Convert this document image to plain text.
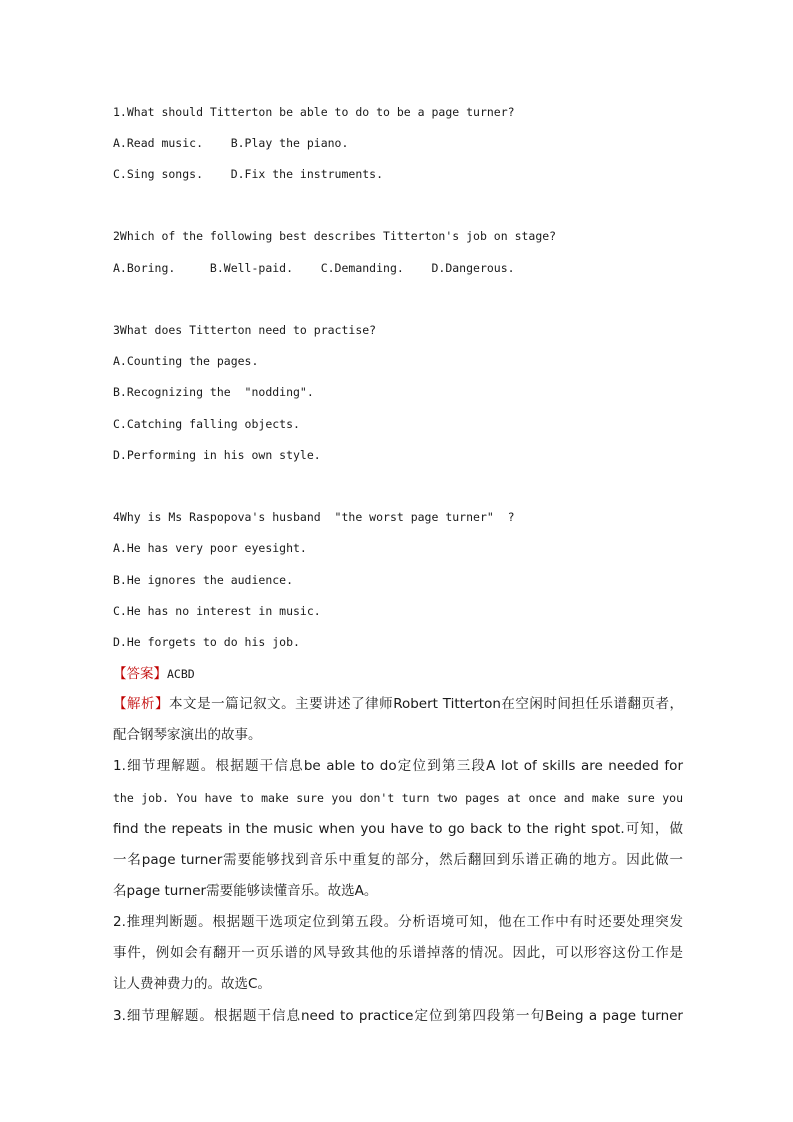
1.What should Titterton be able to do to be a page turner?

A.Read music.    B.Play the piano.

C.Sing songs.    D.Fix the instruments.

2Which of the following best describes Titterton's job on stage?

A.Boring.     B.Well-paid.    C.Demanding.    D.Dangerous.

3What does Titterton need to practise?

A.Counting the pages.

B.Recognizing the  "nodding".

C.Catching falling objects.

D.Performing in his own style.

4Why is Ms Raspopova's husband  "the worst page turner"  ?

A.He has very poor eyesight.

B.He ignores the audience.

C.He has no interest in music.

D.He forgets to do his job.

【答案】ACBD

【解析】本文是一篇记叙文。主要讲述了律师Robert Titterton在空闲时间担任乐谱翻页者，

配合钢琴家演出的故事。

1.细节理解题。根据题干信息be able to do定位到第三段A lot of skills are needed for

the job. You have to make sure you don't turn two pages at once and make sure you

find the repeats in the music when you have to go back to the right spot.可知，做

一名page turner需要能够找到音乐中重复的部分，然后翻回到乐谱正确的地方。因此做一

名page turner需要能够读懂音乐。故选A。

2.推理判断题。根据题干选项定位到第五段。分析语境可知，他在工作中有时还要处理突发

事件，例如会有翻开一页乐谱的风导致其他的乐谱掉落的情况。因此，可以形容这份工作是

让人费神费力的。故选C。

3.细节理解题。根据题干信息need to practice定位到第四段第一句Being a page turner
